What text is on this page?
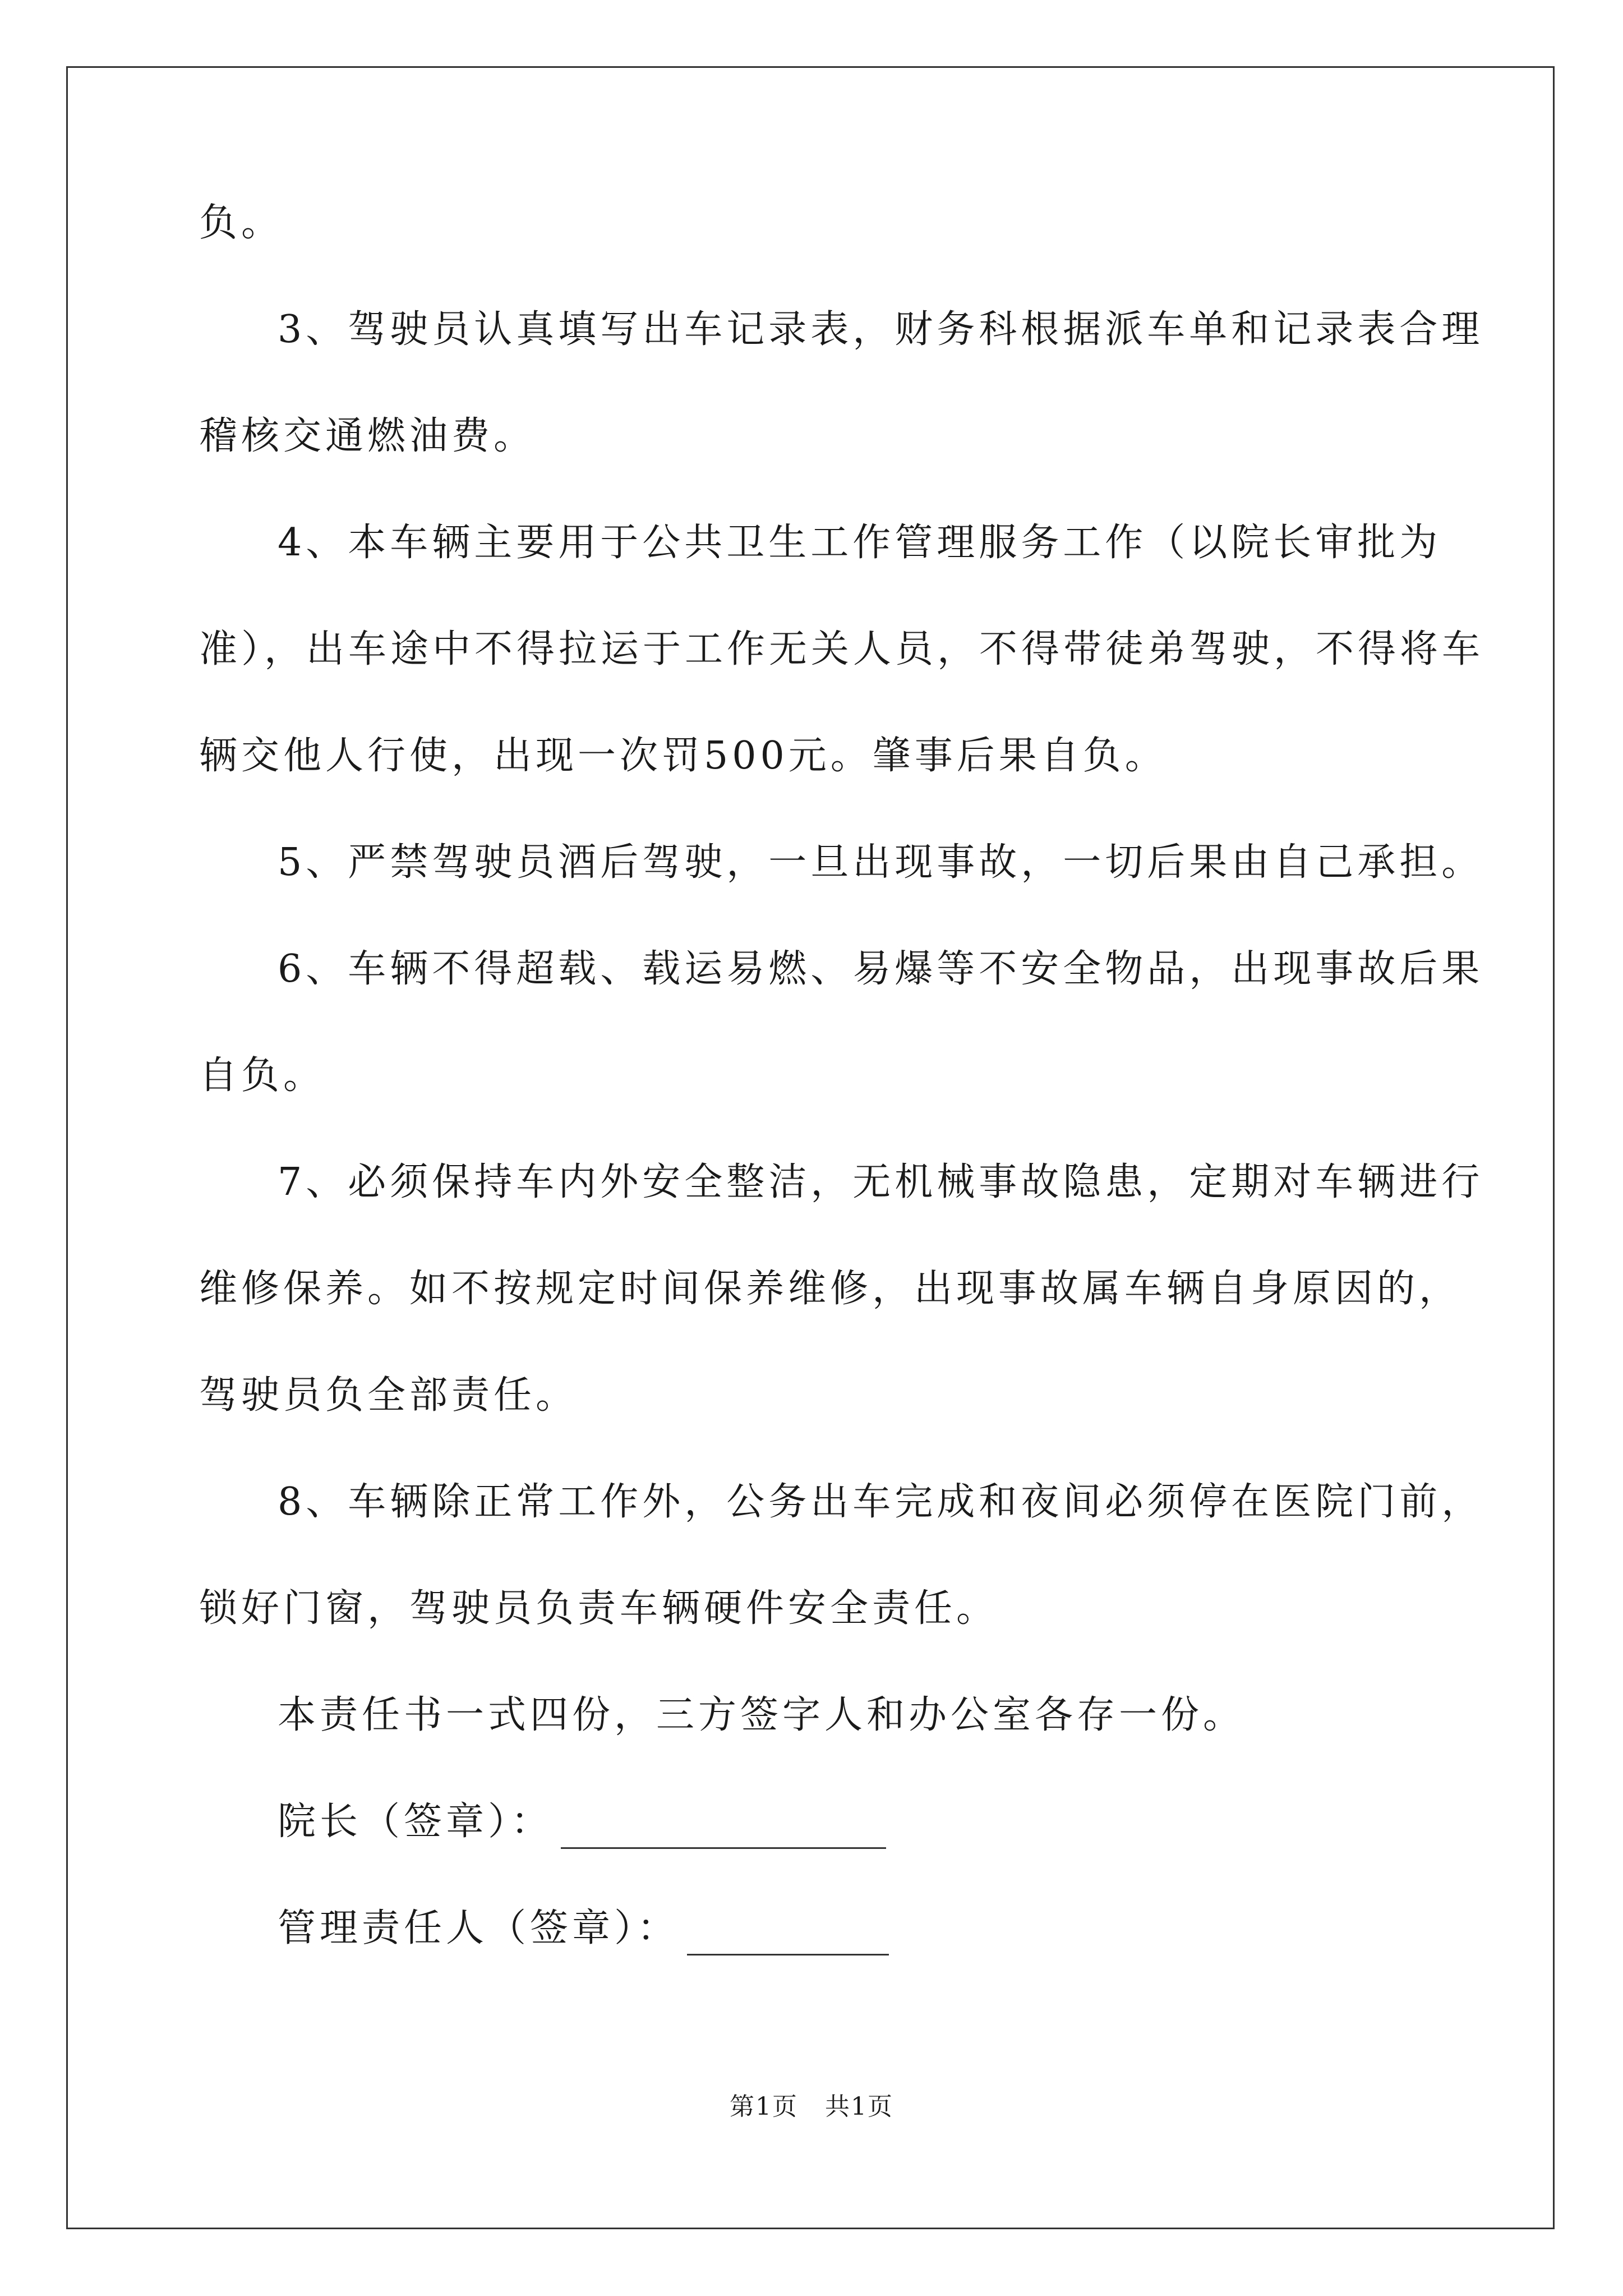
负。
3、驾驶员认真填写出车记录表，财务科根据派车单和记录表合理
稽核交通燃油费。
4、本车辆主要用于公共卫生工作管理服务工作（以院长审批为
准），出车途中不得拉运于工作无关人员，不得带徒弟驾驶，不得将车
辆交他人行使，出现一次罚500元。肇事后果自负。
5、严禁驾驶员酒后驾驶，一旦出现事故，一切后果由自己承担。
6、车辆不得超载、载运易燃、易爆等不安全物品，出现事故后果
自负。
7、必须保持车内外安全整洁，无机械事故隐患，定期对车辆进行
维修保养。如不按规定时间保养维修，出现事故属车辆自身原因的，
驾驶员负全部责任。
8、车辆除正常工作外，公务出车完成和夜间必须停在医院门前，
锁好门窗，驾驶员负责车辆硬件安全责任。
本责任书一式四份，三方签字人和办公室各存一份。
院长（签章）：
管理责任人（签章）：
第1页 共1页
